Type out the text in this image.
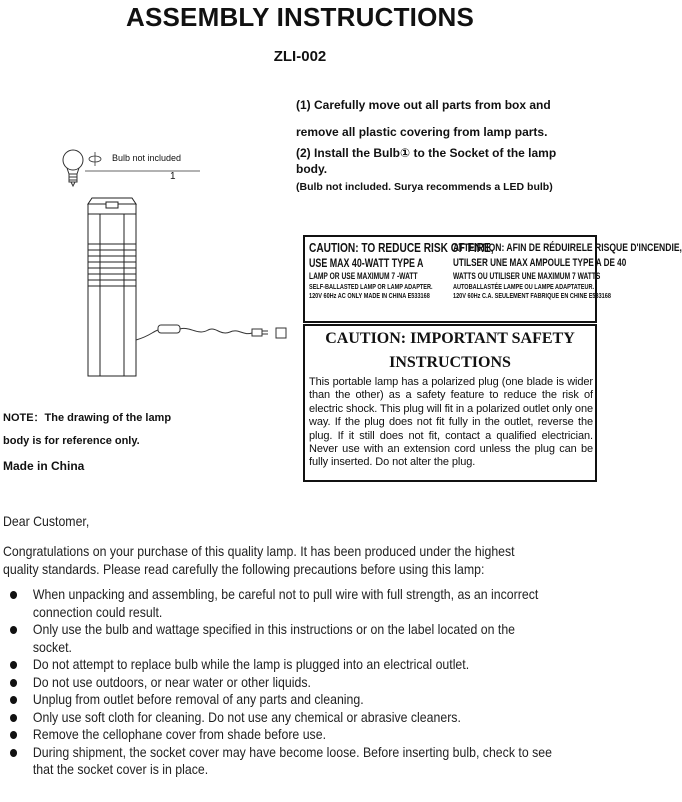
ASSEMBLY INSTRUCTIONS
ZLI-002
(1) Carefully move out all parts from box and
remove all plastic covering from lamp parts.
(2) Install the Bulb① to the Socket of the lamp
body.
(Bulb not included. Surya recommends a LED bulb)
Bulb not included
1
NOTE：The drawing of the lamp
body is for reference only.
Made in China
CAUTION: TO REDUCE RISK OF FIRE,
USE MAX 40-WATT TYPE A
LAMP OR USE MAXIMUM 7 -WATT
SELF-BALLASTED LAMP OR LAMP ADAPTER.
120V 60Hz AC ONLY MADE IN CHINA E533168
ATTENTION: AFIN DE RÉDUIRELE RISQUE D'INCENDIE,
UTILSER UNE MAX AMPOULE TYPE A DE 40
WATTS OU UTILISER UNE MAXIMUM 7 WATTS
AUTOBALLASTÉE LAMPE OU LAMPE ADAPTATEUR.
120V 60Hz C.A. SEULEMENT FABRIQUE EN CHINE E533168
CAUTION: IMPORTANT SAFETY
INSTRUCTIONS
This portable lamp has a polarized plug (one blade is wider than the other) as a safety feature to reduce the risk of electric shock. This plug will fit in a polarized outlet only one way. If the plug does not fit fully in the outlet, reverse the plug. If it still does not fit, contact a qualified electrician. Never use with an extension cord unless the plug can be fully inserted. Do not alter the plug.
Dear Customer,
Congratulations on your purchase of this quality lamp. It has been produced under the highest
quality standards. Please read carefully the following precautions before using this lamp:
When unpacking and assembling, be careful not to pull wire with full strength, as an incorrect
connection could result.
Only use the bulb and wattage specified in this instructions or on the label located on the
socket.
Do not attempt to replace bulb while the lamp is plugged into an electrical outlet.
Do not use outdoors, or near water or other liquids.
Unplug from outlet before removal of any parts and cleaning.
Only use soft cloth for cleaning. Do not use any chemical or abrasive cleaners.
Remove the cellophane cover from shade before use.
During shipment, the socket cover may have become loose. Before inserting bulb, check to see
that the socket cover is in place.
